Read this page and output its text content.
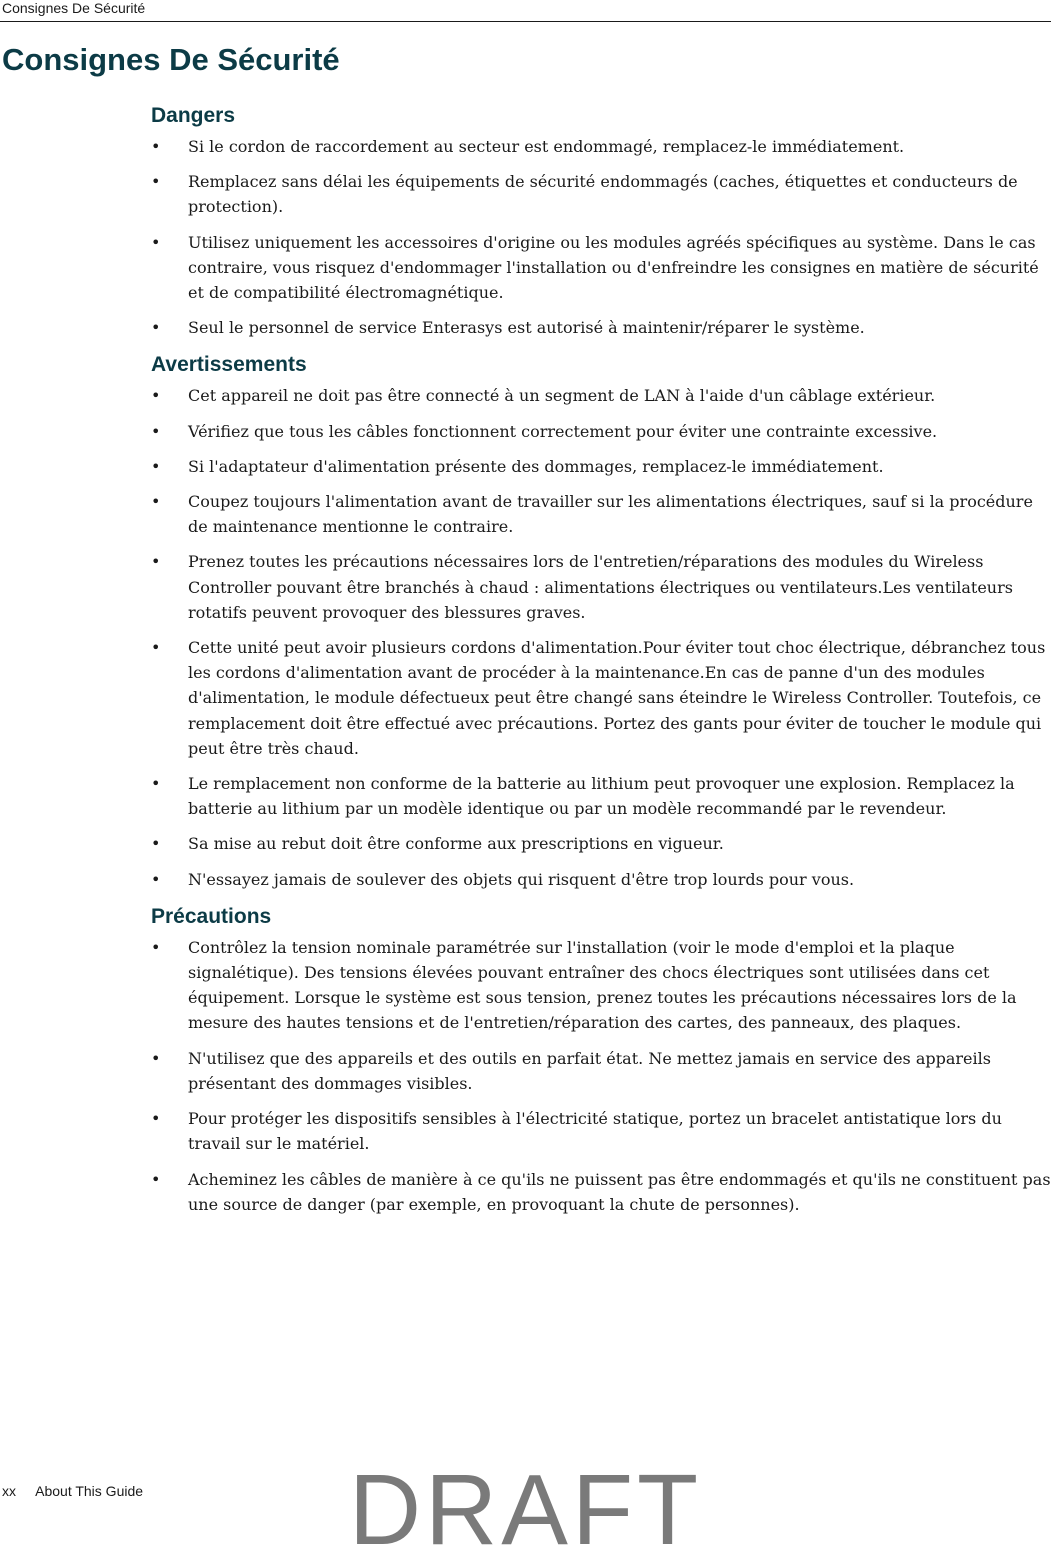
Consignes De Sécurité
Consignes De Sécurité
Dangers
• Si le cordon de raccordement au secteur est endommagé, remplacez-le immédiatement.
• Remplacez sans délai les équipements de sécurité endommagés (caches, étiquettes et conducteurs de protection).
• Utilisez uniquement les accessoires d'origine ou les modules agréés spécifiques au système. Dans le cas contraire, vous risquez d'endommager l'installation ou d'enfreindre les consignes en matière de sécurité et de compatibilité électromagnétique.
• Seul le personnel de service Enterasys est autorisé à maintenir/réparer le système.
Avertissements
• Cet appareil ne doit pas être connecté à un segment de LAN à l'aide d'un câblage extérieur.
• Vérifiez que tous les câbles fonctionnent correctement pour éviter une contrainte excessive.
• Si l'adaptateur d'alimentation présente des dommages, remplacez-le immédiatement.
• Coupez toujours l'alimentation avant de travailler sur les alimentations électriques, sauf si la procédure de maintenance mentionne le contraire.
• Prenez toutes les précautions nécessaires lors de l'entretien/réparations des modules du Wireless Controller pouvant être branchés à chaud : alimentations électriques ou ventilateurs.Les ventilateurs rotatifs peuvent provoquer des blessures graves.
• Cette unité peut avoir plusieurs cordons d'alimentation.Pour éviter tout choc électrique, débranchez tous les cordons d'alimentation avant de procéder à la maintenance.En cas de panne d'un des modules d'alimentation, le module défectueux peut être changé sans éteindre le Wireless Controller. Toutefois, ce remplacement doit être effectué avec précautions. Portez des gants pour éviter de toucher le module qui peut être très chaud.
• Le remplacement non conforme de la batterie au lithium peut provoquer une explosion. Remplacez la batterie au lithium par un modèle identique ou par un modèle recommandé par le revendeur.
• Sa mise au rebut doit être conforme aux prescriptions en vigueur.
• N'essayez jamais de soulever des objets qui risquent d'être trop lourds pour vous.
Précautions
• Contrôlez la tension nominale paramétrée sur l'installation (voir le mode d'emploi et la plaque signalétique). Des tensions élevées pouvant entraîner des chocs électriques sont utilisées dans cet équipement. Lorsque le système est sous tension, prenez toutes les précautions nécessaires lors de la mesure des hautes tensions et de l'entretien/réparation des cartes, des panneaux, des plaques.
• N'utilisez que des appareils et des outils en parfait état. Ne mettez jamais en service des appareils présentant des dommages visibles.
• Pour protéger les dispositifs sensibles à l'électricité statique, portez un bracelet antistatique lors du travail sur le matériel.
• Acheminez les câbles de manière à ce qu'ils ne puissent pas être endommagés et qu'ils ne constituent pas une source de danger (par exemple, en provoquant la chute de personnes).
xx About This Guide	DRAFT
